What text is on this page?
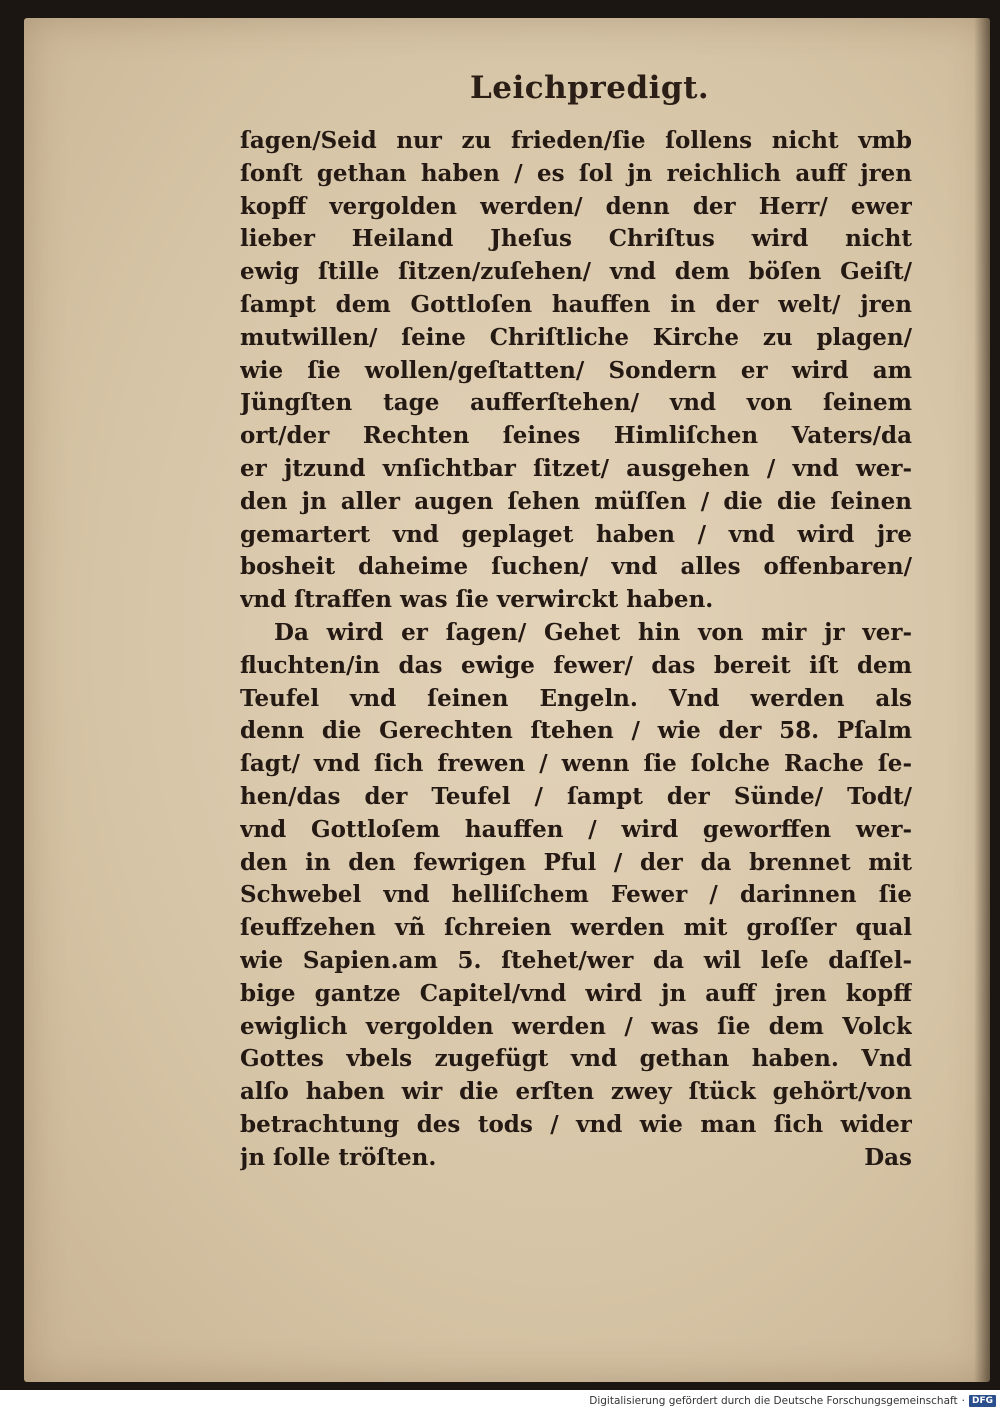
Leichpredigt.
ſagen/Seid nur zu frieden/ſie ſollens nicht vmb
ſonſt gethan haben / es ſol jn reichlich auff jren
kopff vergolden werden/ denn der Herr/ ewer
lieber Heiland Jheſus Chriſtus wird nicht
ewig ſtille ſitzen/zuſehen/ vnd dem böſen Geiſt/
ſampt dem Gottloſen hauffen in der welt/ jren
mutwillen/ ſeine Chriſtliche Kirche zu plagen/
wie ſie wollen/geſtatten/ Sondern er wird am
Jüngſten tage aufferſtehen/ vnd von ſeinem
ort/der Rechten ſeines Himliſchen Vaters/da
er jtzund vnſichtbar ſitzet/ ausgehen / vnd wer-
den jn aller augen ſehen müſſen / die die ſeinen
gemartert vnd geplaget haben / vnd wird jre
bosheit daheime ſuchen/ vnd alles offenbaren/
vnd ſtraffen was ſie verwirckt haben.
Da wird er ſagen/ Gehet hin von mir jr ver-
fluchten/in das ewige fewer/ das bereit iſt dem
Teufel vnd ſeinen Engeln. Vnd werden als
denn die Gerechten ſtehen / wie der 58. Pſalm
ſagt/ vnd ſich frewen / wenn ſie ſolche Rache ſe-
hen/das der Teufel / ſampt der Sünde/ Todt/
vnd Gottloſem hauffen / wird geworffen wer-
den in den fewrigen Pful / der da brennet mit
Schwebel vnd helliſchem Fewer / darinnen ſie
ſeuffzehen vñ ſchreien werden mit groſſer qual
wie Sapien.am 5. ſtehet/wer da wil leſe daſſel-
bige gantze Capitel/vnd wird jn auff jren kopff
ewiglich vergolden werden / was ſie dem Volck
Gottes vbels zugefügt vnd gethan haben. Vnd
alſo haben wir die erſten zwey ſtück gehört/von
betrachtung des tods / vnd wie man ſich wider
jn ſolle tröſten.	Das
Digitalisierung gefördert durch die Deutsche Forschungsgemeinschaft · DFG
